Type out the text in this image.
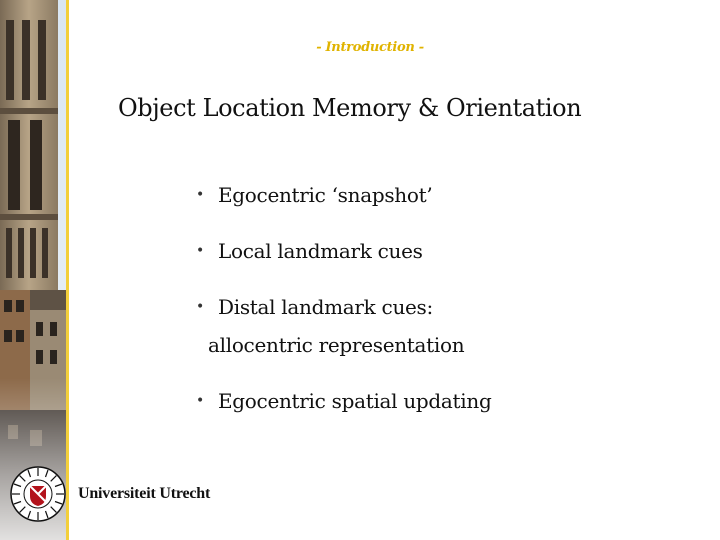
- Introduction -
Object Location Memory & Orientation
• Egocentric ‘snapshot’
• Local landmark cues
• Distal landmark cues:
allocentric representation
• Egocentric spatial updating
Universiteit Utrecht
